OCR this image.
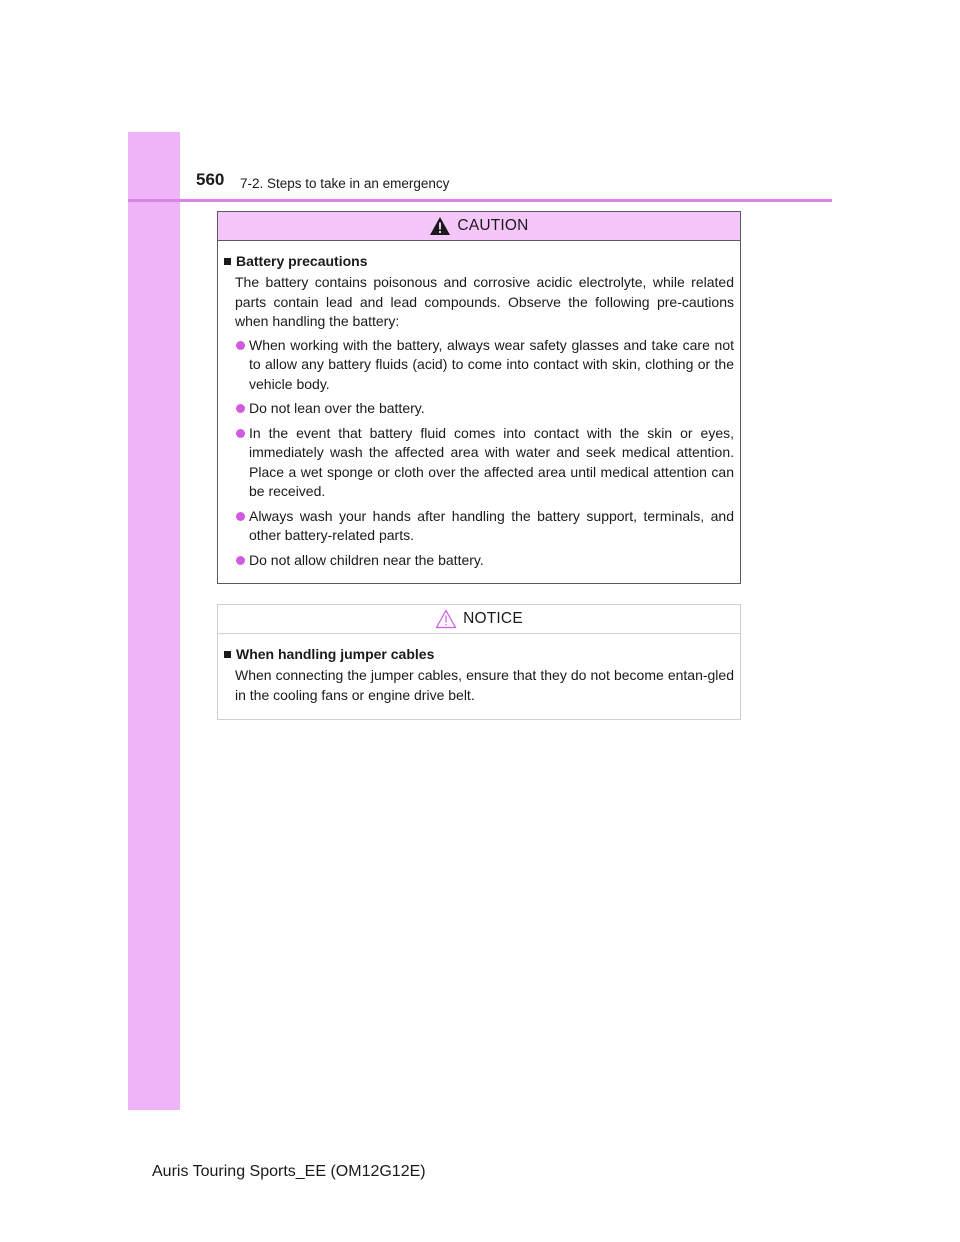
560 7-2. Steps to take in an emergency
CAUTION
Battery precautions

The battery contains poisonous and corrosive acidic electrolyte, while related parts contain lead and lead compounds. Observe the following pre-cautions when handling the battery:

When working with the battery, always wear safety glasses and take care not to allow any battery fluids (acid) to come into contact with skin, clothing or the vehicle body.
Do not lean over the battery.
In the event that battery fluid comes into contact with the skin or eyes, immediately wash the affected area with water and seek medical attention. Place a wet sponge or cloth over the affected area until medical attention can be received.
Always wash your hands after handling the battery support, terminals, and other battery-related parts.
Do not allow children near the battery.
NOTICE
When handling jumper cables

When connecting the jumper cables, ensure that they do not become entan-gled in the cooling fans or engine drive belt.

Auris Touring Sports_EE (OM12G12E)
